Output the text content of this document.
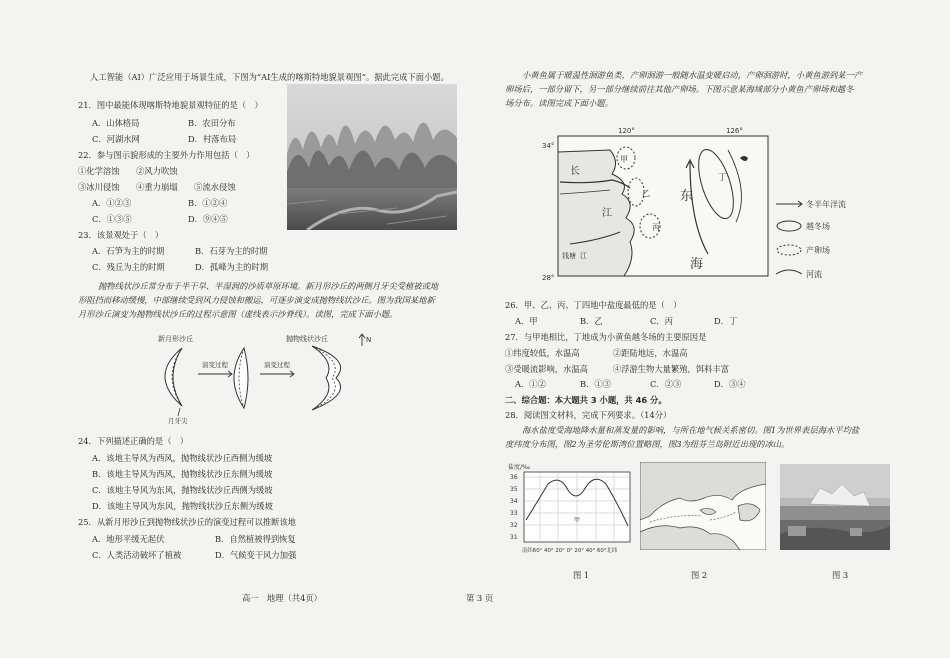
人工智能（AI）广泛应用于场景生成，下图为“AI生成的喀斯特地貌景观图”。据此完成下面小题。
21．图中最能体现喀斯特地貌景观特征的是（　）
A．山体格局	B．农田分布
C．河湖水网	D．村落布局
22．参与图示貌形成的主要外力作用包括（　）
①化学溶蚀　　②风力吹蚀
③冰川侵蚀　　④重力崩塌　　⑤流水侵蚀
A．①②③	B．①②④
C．①③⑤	D．⑨④⑤
23．该景观处于（　）
A．石笋为主的时期	B．石芽为主的时期
C．残丘为主的时期	D．孤峰为主的时期
抛物线状沙丘常分布于半干旱、半湿润的沙质草原环境。新月形沙丘的两侧月牙尖受植被或地
形阻挡而移动缓慢，中部继续受到风力侵蚀和搬运，可逐步演变成抛物线状沙丘。图为我国某地新
月形沙丘演变为抛物线状沙丘的过程示意图（虚线表示沙脊线）。读图，完成下面小题。
新月形沙丘	抛物线状沙丘	N
演变过程	演变过程
月牙尖
24．下列描述正确的是（　）
A．该地主导风为西风，抛物线状沙丘西侧为缓坡
B．该地主导风为西风，抛物线状沙丘东侧为缓坡
C．该地主导风为东风，抛物线状沙丘西侧为缓坡
D．该地主导风为东风，抛物线状沙丘东侧为缓坡
25．从新月形沙丘到抛物线状沙丘的演变过程可以推断该地
A．地形平缓无起伏	B．自然植被得到恢复
C．人类活动破坏了植被	D．气候变干风力加强
高一　地理（共4页）
小黄鱼属于暖温性洄游鱼类，产卵洄游一般随水温变暖启动，产卵洄游时，小黄鱼游到某一产
卵场后，一部分留下，另一部分继续前往其他产卵场。下图示意某海域部分小黄鱼产卵场和越冬
场分布。读图完成下面小题。
120°	126°
34°
28°
长
江
钱塘 江
甲
乙
丙
丁
东
海
冬半年洋流
越冬场
产卵场
河流
26．甲、乙、丙、丁四地中盐度最低的是（　）
A．甲	B．乙	C．丙	D．丁
27．与甲地相比，丁地成为小黄鱼越冬场的主要原因是
①纬度较低，水温高　　　　②距陆地远，水温高
③受暖流影响，水温高　　　④浮游生物大量繁殖，饵料丰富
A．①②	B．①③	C．②③	D．③④
二、综合题：本大题共 3 小题，共 46 分。
28．阅读图文材料，完成下列要求。（14分）
海水盐度受海地降水量和蒸发量的影响，与所在地气候关系密切。图1为世界表层海水平均盐
度纬度分布图，图2为圣劳伦斯湾位置略图，图3为纽芬兰岛附近出现的冰山。
盐度/‰
36
35
34
33
32
31
甲
南纬60° 40° 20° 0° 20° 40° 60°北纬
图 1	图 2	图 3
第 3 页
